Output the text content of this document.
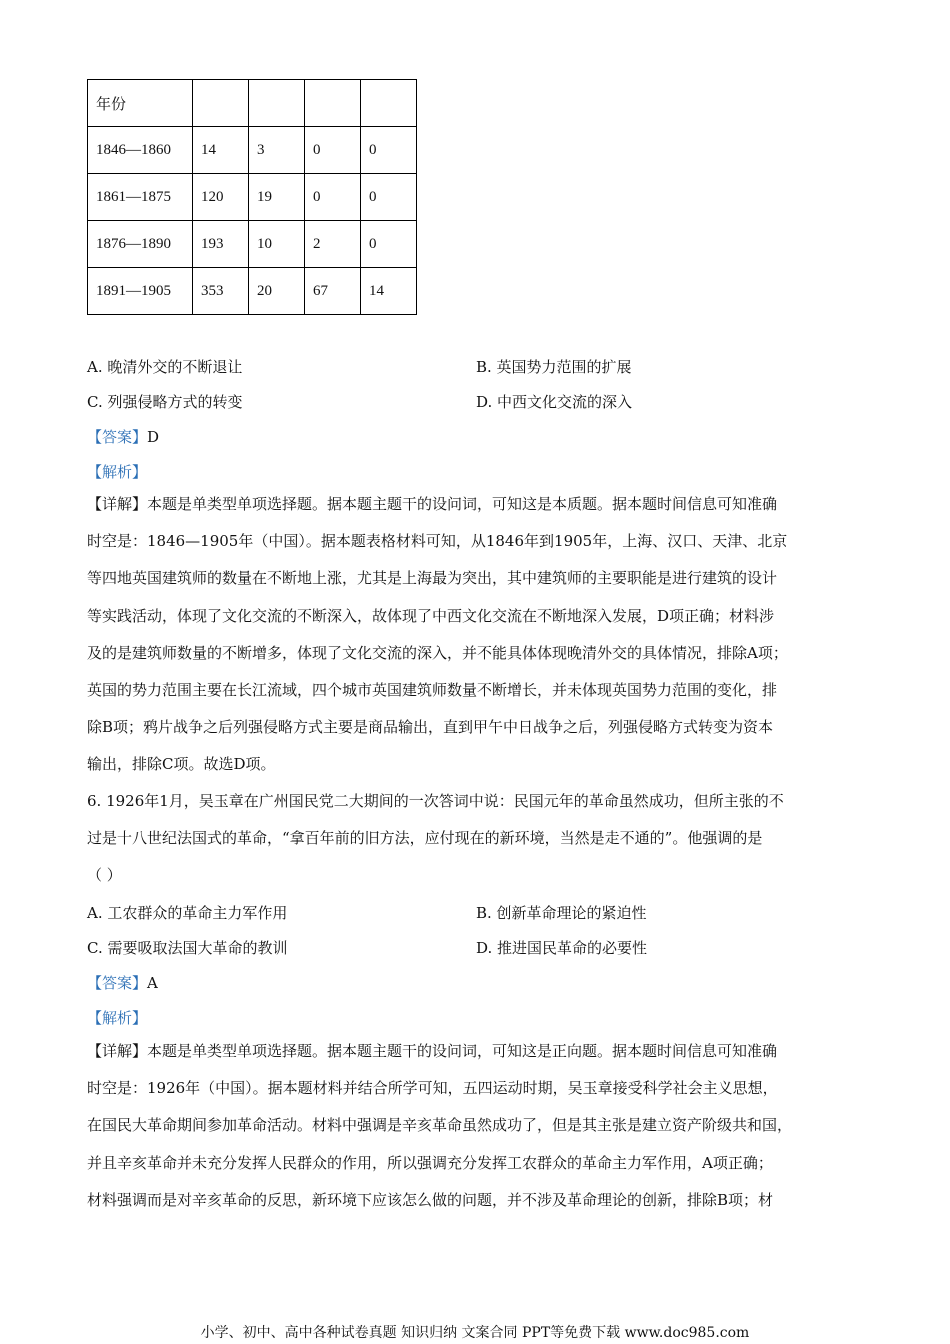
年份				
1846—1860	14	3	0	0
1861—1875	120	19	0	0
1876—1890	193	10	2	0
1891—1905	353	20	67	14
A. 晚清外交的不断退让	B. 英国势力范围的扩展
C. 列强侵略方式的转变	D. 中西文化交流的深入
【答案】D
【解析】
【详解】本题是单类型单项选择题。据本题主题干的设问词，可知这是本质题。据本题时间信息可知准确
时空是：1846—1905年（中国）。据本题表格材料可知，从1846年到1905年，上海、汉口、天津、北京
等四地英国建筑师的数量在不断地上涨，尤其是上海最为突出，其中建筑师的主要职能是进行建筑的设计
等实践活动，体现了文化交流的不断深入，故体现了中西文化交流在不断地深入发展，D项正确；材料涉
及的是建筑师数量的不断增多，体现了文化交流的深入，并不能具体体现晚清外交的具体情况，排除A项；
英国的势力范围主要在长江流域，四个城市英国建筑师数量不断增长，并未体现英国势力范围的变化，排
除B项；鸦片战争之后列强侵略方式主要是商品输出，直到甲午中日战争之后，列强侵略方式转变为资本
输出，排除C项。故选D项。
6. 1926年1月，吴玉章在广州国民党二大期间的一次答词中说：民国元年的革命虽然成功，但所主张的不
过是十八世纪法国式的革命，“拿百年前的旧方法，应付现在的新环境，当然是走不通的”。他强调的是
（ ）
A. 工农群众的革命主力军作用	B. 创新革命理论的紧迫性
C. 需要吸取法国大革命的教训	D. 推进国民革命的必要性
【答案】A
【解析】
【详解】本题是单类型单项选择题。据本题主题干的设问词，可知这是正向题。据本题时间信息可知准确
时空是：1926年（中国）。据本题材料并结合所学可知，五四运动时期，吴玉章接受科学社会主义思想，
在国民大革命期间参加革命活动。材料中强调是辛亥革命虽然成功了，但是其主张是建立资产阶级共和国，
并且辛亥革命并未充分发挥人民群众的作用，所以强调充分发挥工农群众的革命主力军作用，A项正确；
材料强调而是对辛亥革命的反思，新环境下应该怎么做的问题，并不涉及革命理论的创新，排除B项；材
小学、初中、高中各种试卷真题 知识归纳 文案合同 PPT等免费下载 www.doc985.com
